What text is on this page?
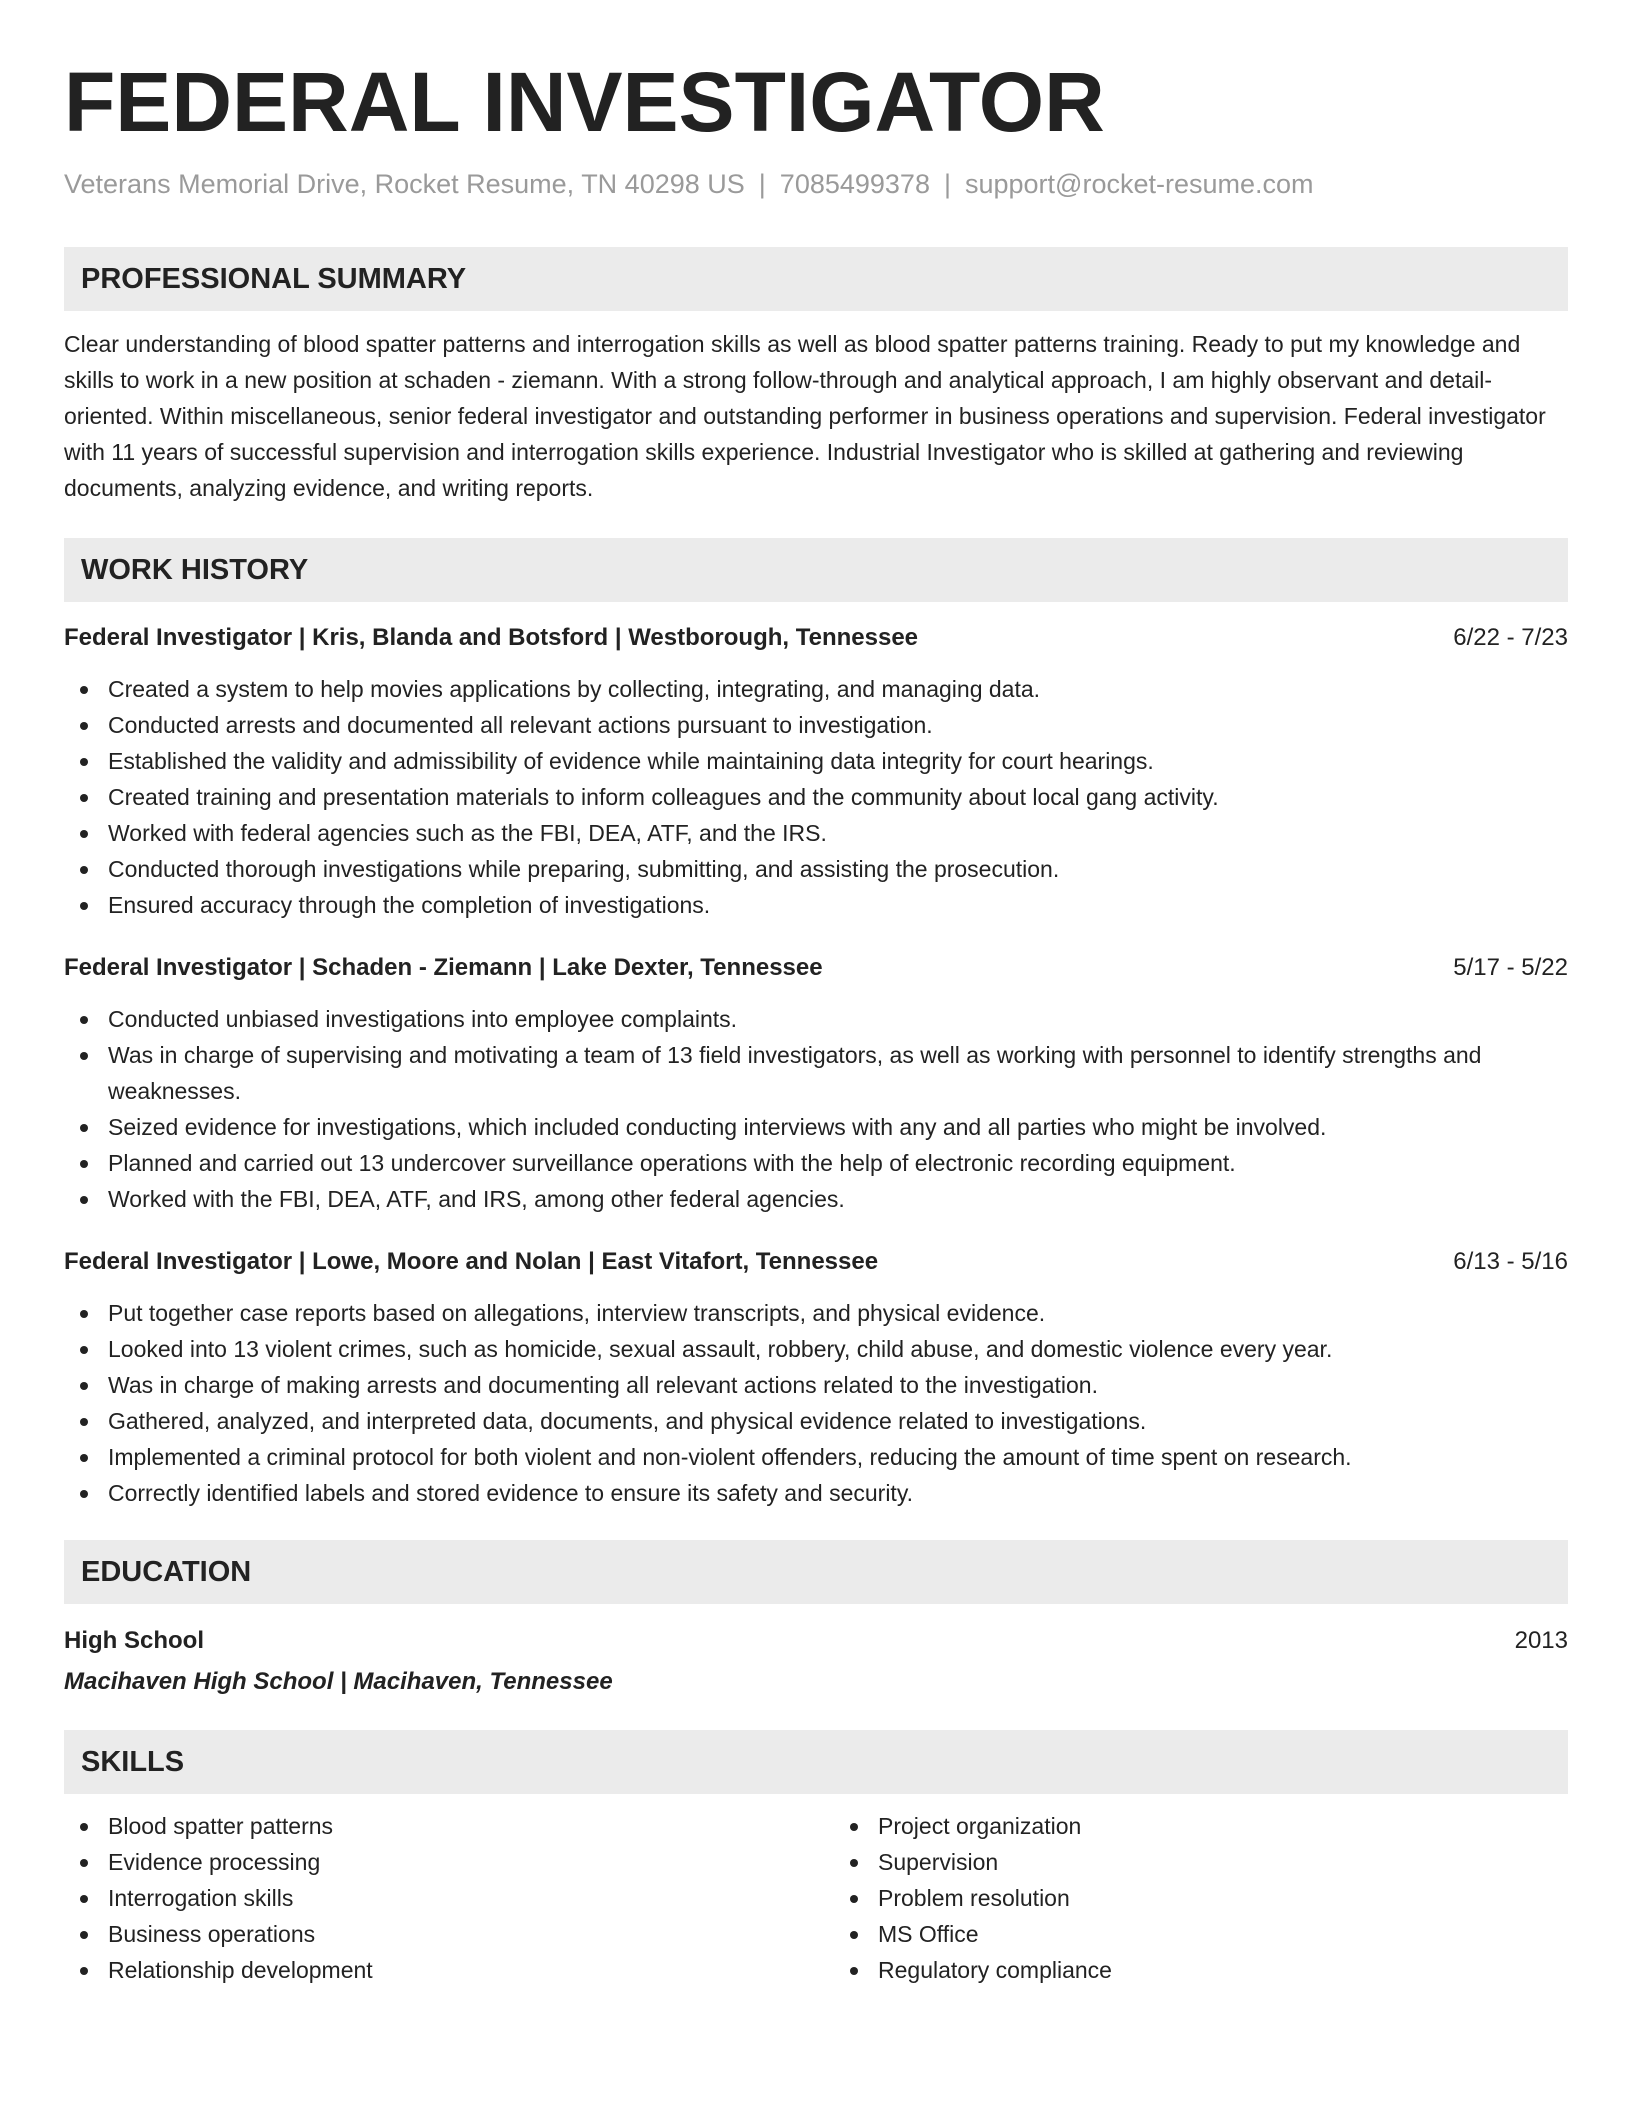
FEDERAL INVESTIGATOR
Veterans Memorial Drive, Rocket Resume, TN 40298 US | 7085499378 | support@rocket-resume.com
PROFESSIONAL SUMMARY

Clear understanding of blood spatter patterns and interrogation skills as well as blood spatter patterns training. Ready to put my knowledge and skills to work in a new position at schaden - ziemann. With a strong follow-through and analytical approach, I am highly observant and detail-oriented. Within miscellaneous, senior federal investigator and outstanding performer in business operations and supervision. Federal investigator with 11 years of successful supervision and interrogation skills experience. Industrial Investigator who is skilled at gathering and reviewing documents, analyzing evidence, and writing reports.

WORK HISTORY
Federal Investigator | Kris, Blanda and Botsford | Westborough, Tennessee	6/22 - 7/23
Created a system to help movies applications by collecting, integrating, and managing data.
Conducted arrests and documented all relevant actions pursuant to investigation.
Established the validity and admissibility of evidence while maintaining data integrity for court hearings.
Created training and presentation materials to inform colleagues and the community about local gang activity.
Worked with federal agencies such as the FBI, DEA, ATF, and the IRS.
Conducted thorough investigations while preparing, submitting, and assisting the prosecution.
Ensured accuracy through the completion of investigations.
Federal Investigator | Schaden - Ziemann | Lake Dexter, Tennessee	5/17 - 5/22
Conducted unbiased investigations into employee complaints.
Was in charge of supervising and motivating a team of 13 field investigators, as well as working with personnel to identify strengths and weaknesses.
Seized evidence for investigations, which included conducting interviews with any and all parties who might be involved.
Planned and carried out 13 undercover surveillance operations with the help of electronic recording equipment.
Worked with the FBI, DEA, ATF, and IRS, among other federal agencies.
Federal Investigator | Lowe, Moore and Nolan | East Vitafort, Tennessee	6/13 - 5/16
Put together case reports based on allegations, interview transcripts, and physical evidence.
Looked into 13 violent crimes, such as homicide, sexual assault, robbery, child abuse, and domestic violence every year.
Was in charge of making arrests and documenting all relevant actions related to the investigation.
Gathered, analyzed, and interpreted data, documents, and physical evidence related to investigations.
Implemented a criminal protocol for both violent and non-violent offenders, reducing the amount of time spent on research.
Correctly identified labels and stored evidence to ensure its safety and security.
EDUCATION
High School	2013
Macihaven High School | Macihaven, Tennessee
SKILLS
Blood spatter patterns
Evidence processing
Interrogation skills
Business operations
Relationship development
Project organization
Supervision
Problem resolution
MS Office
Regulatory compliance
